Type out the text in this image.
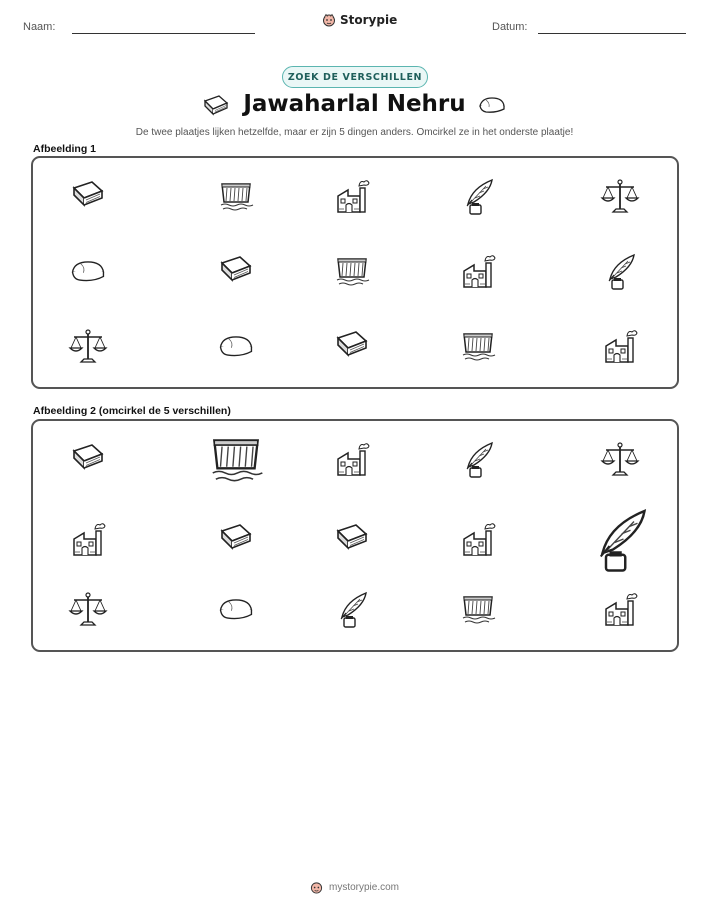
Naam:	Storypie	Datum:
ZOEK DE VERSCHILLEN
Jawaharlal Nehru
De twee plaatjes lijken hetzelfde, maar er zijn 5 dingen anders. Omcirkel ze in het onderste plaatje!
Afbeelding 1
Afbeelding 2 (omcirkel de 5 verschillen)
mystorypie.com
